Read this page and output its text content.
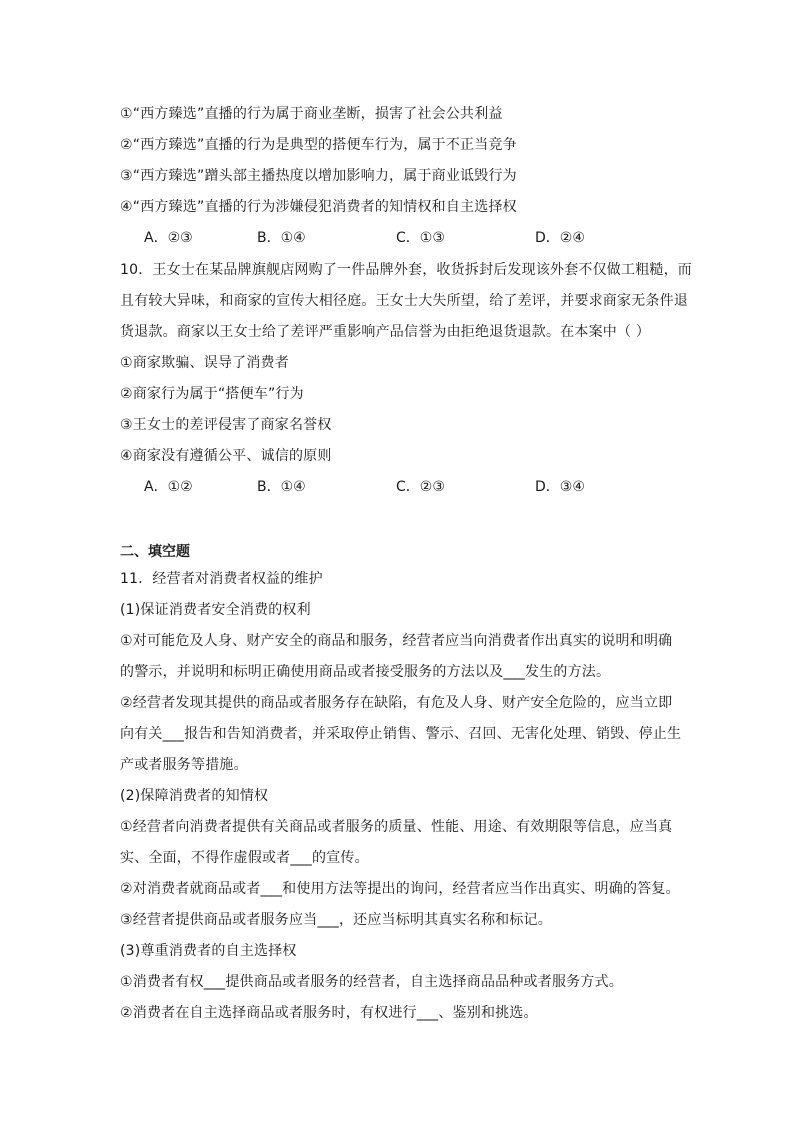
①“西方臻选”直播的行为属于商业垄断，损害了社会公共利益
②“西方臻选”直播的行为是典型的搭便车行为，属于不正当竞争
③“西方臻选”蹭头部主播热度以增加影响力，属于商业诋毁行为
④“西方臻选”直播的行为涉嫌侵犯消费者的知情权和自主选择权
A．②③	B．①④	C．①③	D．②④
10．王女士在某品牌旗舰店网购了一件品牌外套，收货拆封后发现该外套不仅做工粗糙，而
且有较大异味，和商家的宣传大相径庭。王女士大失所望，给了差评，并要求商家无条件退
货退款。商家以王女士给了差评严重影响产品信誉为由拒绝退货退款。在本案中（ ）
①商家欺骗、误导了消费者
②商家行为属于“搭便车”行为
③王女士的差评侵害了商家名誉权
④商家没有遵循公平、诚信的原则
A．①②	B．①④	C．②③	D．③④
二、填空题
11．经营者对消费者权益的维护
(1)保证消费者安全消费的权利
①对可能危及人身、财产安全的商品和服务，经营者应当向消费者作出真实的说明和明确
的警示，并说明和标明正确使用商品或者接受服务的方法以及___发生的方法。
②经营者发现其提供的商品或者服务存在缺陷，有危及人身、财产安全危险的，应当立即
向有关___报告和告知消费者，并采取停止销售、警示、召回、无害化处理、销毁、停止生
产或者服务等措施。
(2)保障消费者的知情权
①经营者向消费者提供有关商品或者服务的质量、性能、用途、有效期限等信息，应当真
实、全面，不得作虚假或者___的宣传。
②对消费者就商品或者___和使用方法等提出的询问，经营者应当作出真实、明确的答复。
③经营者提供商品或者服务应当___，还应当标明其真实名称和标记。
(3)尊重消费者的自主选择权
①消费者有权___提供商品或者服务的经营者，自主选择商品品种或者服务方式。
②消费者在自主选择商品或者服务时，有权进行___、鉴别和挑选。
